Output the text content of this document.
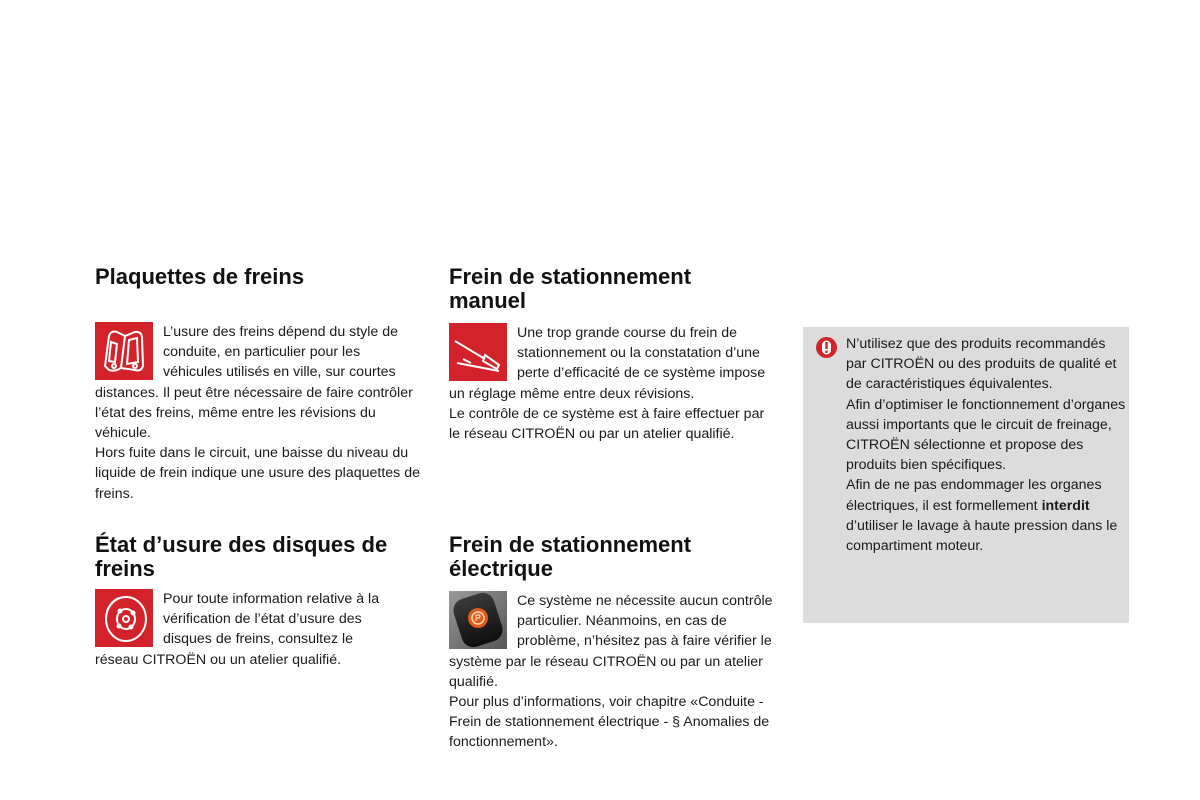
Plaquettes de freins

L’usure des freins dépend du style de conduite, en particulier pour les véhicules utilisés en ville, sur courtes distances. Il peut être nécessaire de faire contrôler l’état des freins, même entre les révisions du véhicule.

Hors fuite dans le circuit, une baisse du niveau du liquide de frein indique une usure des plaquettes de freins.

État d’usure des disques de freins

Pour toute information relative à la vérification de l’état d’usure des disques de freins, consultez le réseau CITROËN ou un atelier qualifié.

Frein de stationnement manuel

Une trop grande course du frein de stationnement ou la constatation d’une perte d’efficacité de ce système impose un réglage même entre deux révisions.

Le contrôle de ce système est à faire effectuer par le réseau CITROËN ou par un atelier qualifié.

Frein de stationnement électrique

Ce système ne nécessite aucun contrôle particulier. Néanmoins, en cas de problème, n’hésitez pas à faire vérifier le système par le réseau CITROËN ou par un atelier qualifié.

Pour plus d’informations, voir chapitre «Conduite - Frein de stationnement électrique - § Anomalies de fonctionnement».

N’utilisez que des produits recommandés par CITROËN ou des produits de qualité et de caractéristiques équivalentes.

Afin d’optimiser le fonctionnement d’organes aussi importants que le circuit de freinage, CITROËN sélectionne et propose des produits bien spécifiques.

Afin de ne pas endommager les organes électriques, il est formellement interdit d’utiliser le lavage à haute pression dans le compartiment moteur.
